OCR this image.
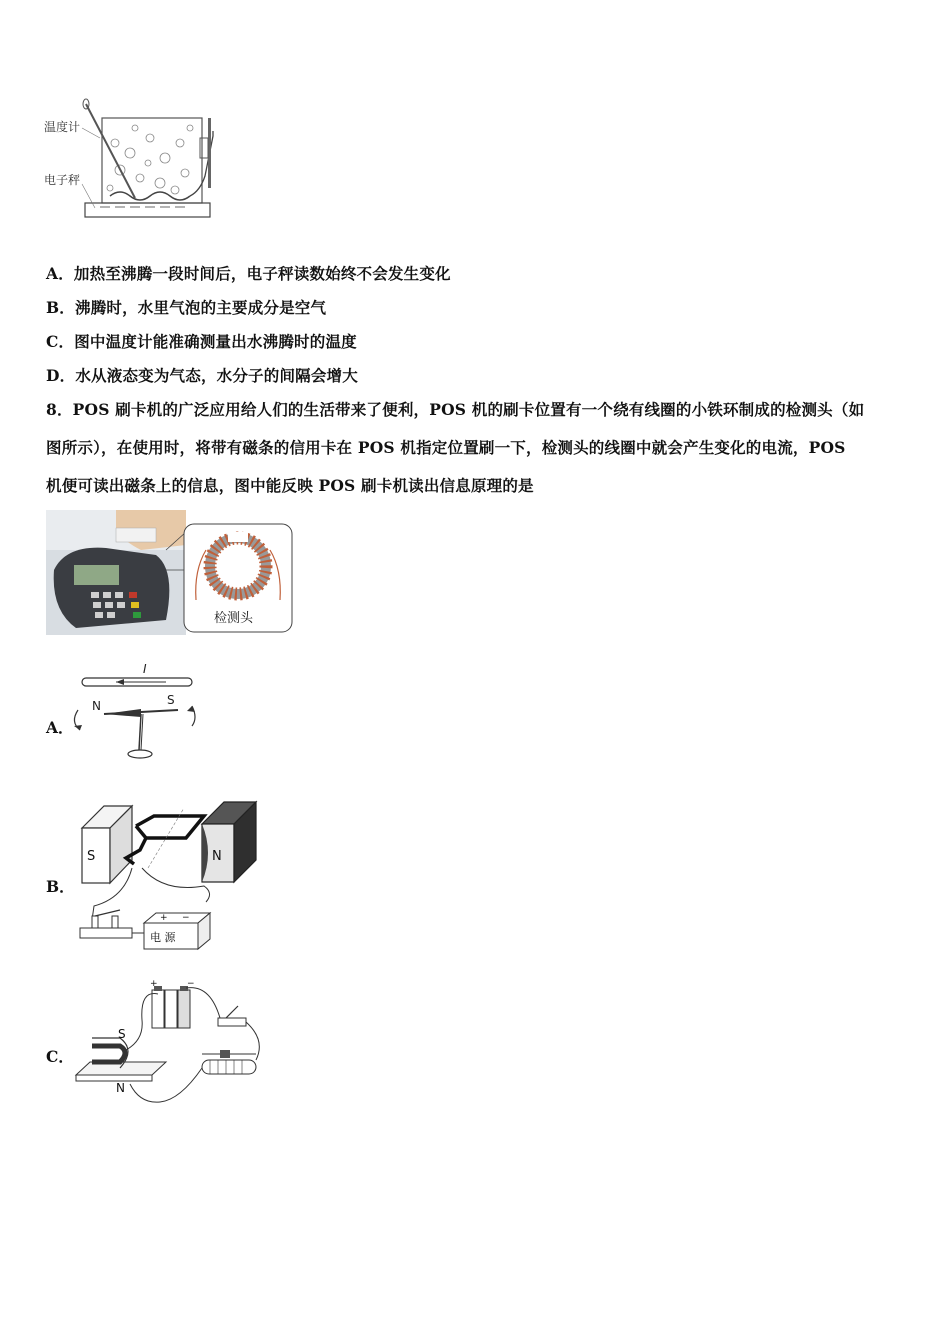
温度计
电子秤
A．加热至沸腾一段时间后，电子秤读数始终不会发生变化
B．沸腾时，水里气泡的主要成分是空气
C．图中温度计能准确测量出水沸腾时的温度
D．水从液态变为气态，水分子的间隔会增大
8．POS 刷卡机的广泛应用给人们的生活带来了便利，POS 机的刷卡位置有一个绕有线圈的小铁环制成的检测头（如
图所示），在使用时，将带有磁条的信用卡在 POS 机指定位置刷一下，检测头的线圈中就会产生变化的电流，POS
机便可读出磁条上的信息，图中能反映 POS 刷卡机读出信息原理的是
检测头
A．
I
N	S
B．
S	N
+ −
电 源
C．
+	−
S
N
